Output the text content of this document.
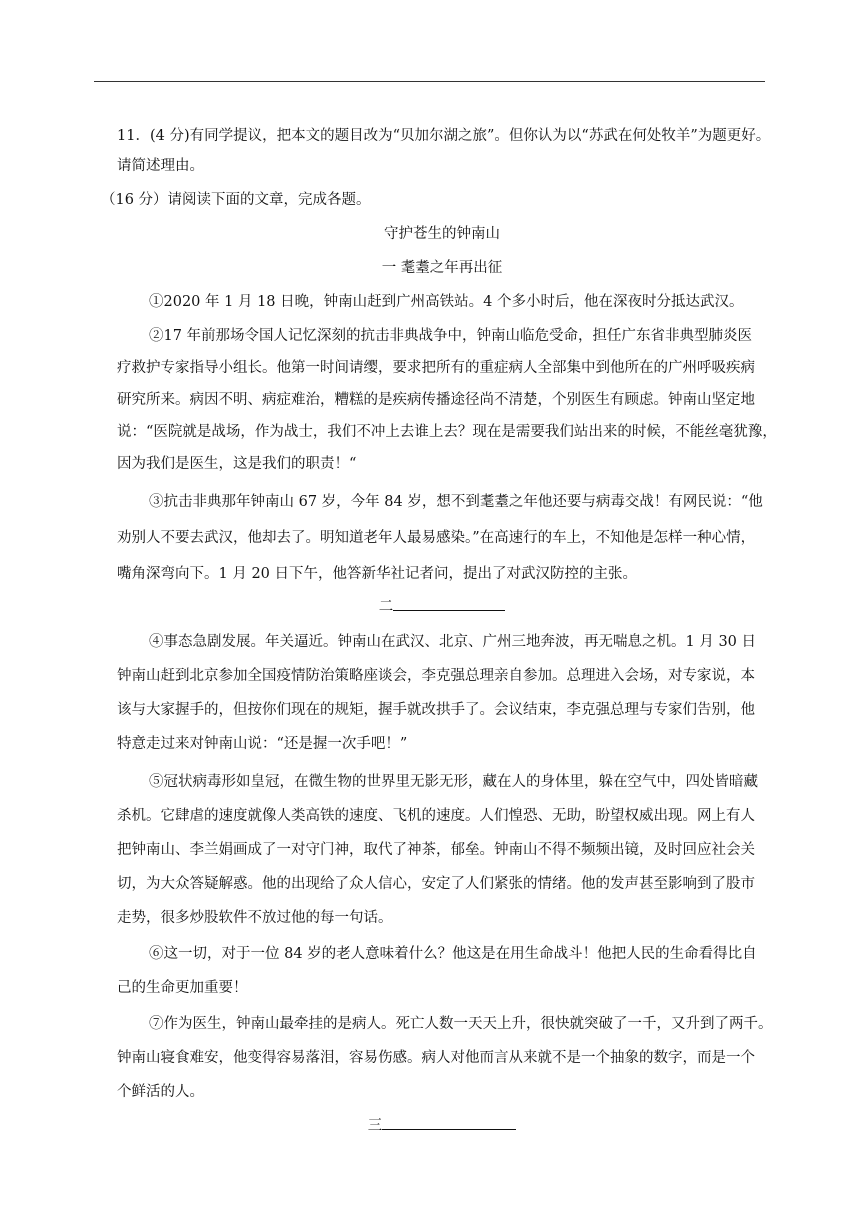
11．(4 分)有同学提议，把本文的题目改为“贝加尔湖之旅”。但你认为以“苏武在何处牧羊”为题更好。
请简述理由。
（16 分）请阅读下面的文章，完成各题。
守护苍生的钟南山
一 耄耋之年再出征
①2020 年 1 月 18 日晚，钟南山赶到广州高铁站。4 个多小时后，他在深夜时分抵达武汉。
②17 年前那场令国人记忆深刻的抗击非典战争中，钟南山临危受命，担任广东省非典型肺炎医
疗救护专家指导小组长。他第一时间请缨，要求把所有的重症病人全部集中到他所在的广州呼吸疾病
研究所来。病因不明、病症难治，糟糕的是疾病传播途径尚不清楚，个别医生有顾虑。钟南山坚定地
说：“医院就是战场，作为战士，我们不冲上去谁上去？现在是需要我们站出来的时候，不能丝毫犹豫，
因为我们是医生，这是我们的职责！“
③抗击非典那年钟南山 67 岁，今年 84 岁，想不到耄耋之年他还要与病毒交战！有网民说：“他
劝别人不要去武汉，他却去了。明知道老年人最易感染。”在高速行的车上，不知他是怎样一种心情，
嘴角深弯向下。1 月 20 日下午，他答新华社记者问，提出了对武汉防控的主张。
二
④事态急剧发展。年关逼近。钟南山在武汉、北京、广州三地奔波，再无喘息之机。1 月 30 日
钟南山赶到北京参加全国疫情防治策略座谈会，李克强总理亲自参加。总理进入会场，对专家说，本
该与大家握手的，但按你们现在的规矩，握手就改拱手了。会议结束，李克强总理与专家们告别，他
特意走过来对钟南山说：“还是握一次手吧！”
⑤冠状病毒形如皇冠，在微生物的世界里无影无形，藏在人的身体里，躲在空气中，四处皆暗藏
杀机。它肆虐的速度就像人类高铁的速度、飞机的速度。人们惶恐、无助，盼望权威出现。网上有人
把钟南山、李兰娟画成了一对守门神，取代了神茶，郁垒。钟南山不得不频频出镜，及时回应社会关
切，为大众答疑解惑。他的出现给了众人信心，安定了人们紧张的情绪。他的发声甚至影响到了股市
走势，很多炒股软件不放过他的每一句话。
⑥这一切，对于一位 84 岁的老人意味着什么？他这是在用生命战斗！他把人民的生命看得比自
己的生命更加重要！
⑦作为医生，钟南山最牵挂的是病人。死亡人数一天天上升，很快就突破了一千，又升到了两千。
钟南山寝食难安，他变得容易落泪，容易伤感。病人对他而言从来就不是一个抽象的数字，而是一个
个鲜活的人。
三
